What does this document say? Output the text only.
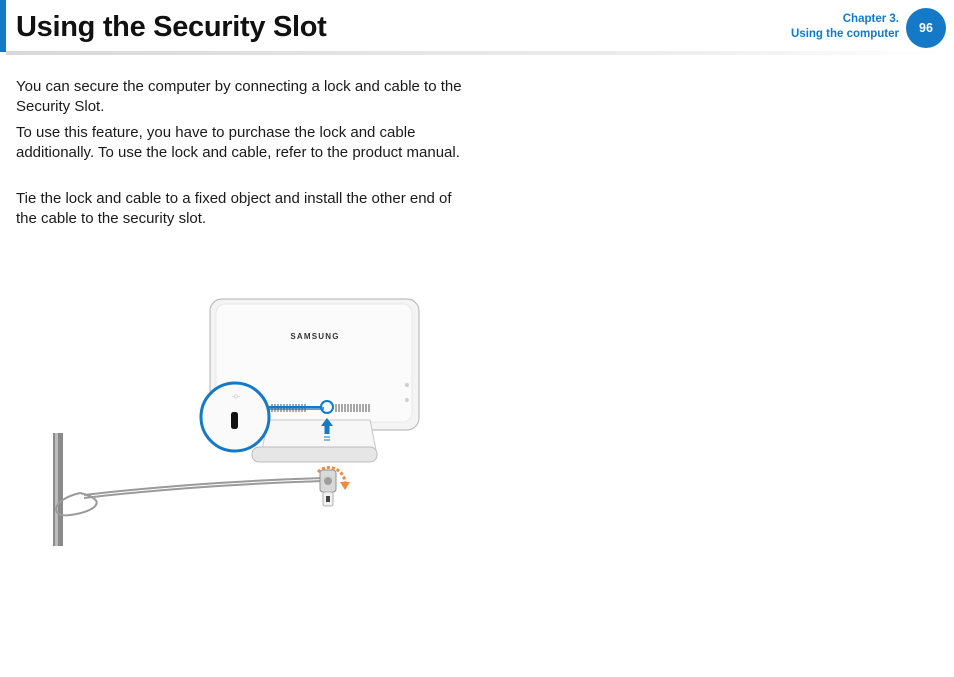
Using the Security Slot	Chapter 3.
Using the computer	96

You can secure the computer by connecting a lock and cable to the Security Slot.

To use this feature, you have to purchase the lock and cable additionally. To use the lock and cable, refer to the product manual.

Tie the lock and cable to a fixed object and install the other end of the cable to the security slot.

SAMSUNG
-◇-
